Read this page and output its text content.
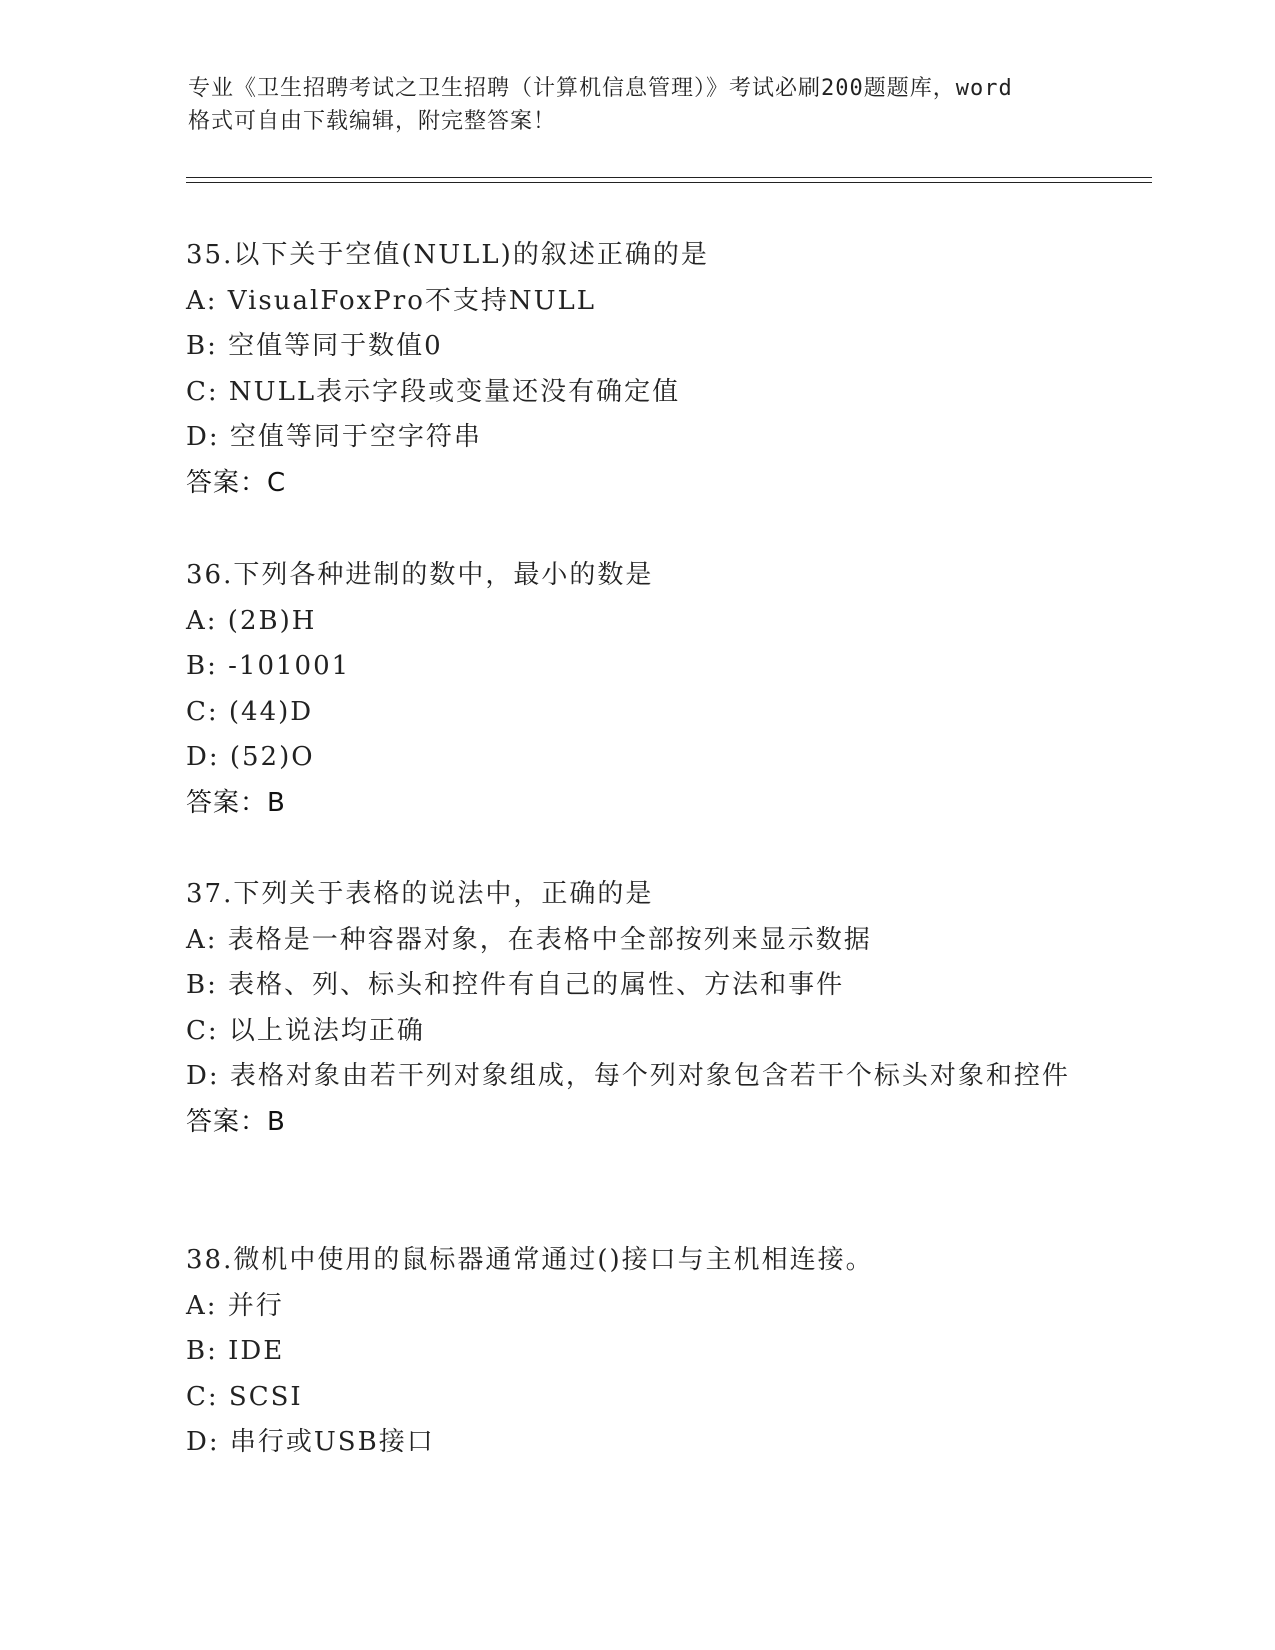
专业《卫生招聘考试之卫生招聘（计算机信息管理）》考试必刷200题题库，word
格式可自由下载编辑，附完整答案！
35.以下关于空值(NULL)的叙述正确的是
A: VisualFoxPro不支持NULL
B: 空值等同于数值0
C: NULL表示字段或变量还没有确定值
D: 空值等同于空字符串
答案：C
36.下列各种进制的数中，最小的数是
A: (2B)H
B: -101001
C: (44)D
D: (52)O
答案：B
37.下列关于表格的说法中，正确的是
A: 表格是一种容器对象，在表格中全部按列来显示数据
B: 表格、列、标头和控件有自己的属性、方法和事件
C: 以上说法均正确
D: 表格对象由若干列对象组成，每个列对象包含若干个标头对象和控件
答案：B
38.微机中使用的鼠标器通常通过()接口与主机相连接。
A: 并行
B: IDE
C: SCSI
D: 串行或USB接口
